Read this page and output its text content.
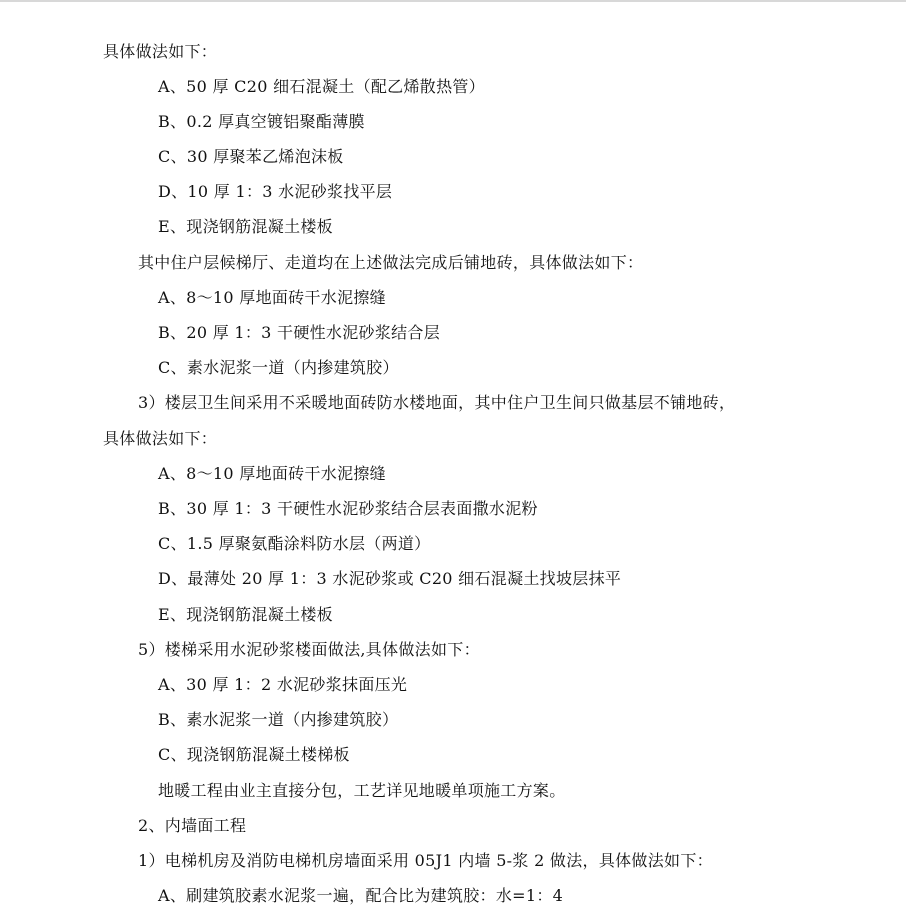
具体做法如下：
A、50 厚 C20 细石混凝土（配乙烯散热管）
B、0.2 厚真空镀铝聚酯薄膜
C、30 厚聚苯乙烯泡沫板
D、10 厚 1：3 水泥砂浆找平层
E、现浇钢筋混凝土楼板
其中住户层候梯厅、走道均在上述做法完成后铺地砖，具体做法如下：
A、8～10 厚地面砖干水泥擦缝
B、20 厚 1：3 干硬性水泥砂浆结合层
C、素水泥浆一道（内掺建筑胶）
3）楼层卫生间采用不采暖地面砖防水楼地面，其中住户卫生间只做基层不铺地砖，
具体做法如下：
A、8～10 厚地面砖干水泥擦缝
B、30 厚 1：3 干硬性水泥砂浆结合层表面撒水泥粉
C、1.5 厚聚氨酯涂料防水层（两道）
D、最薄处 20 厚 1：3 水泥砂浆或 C20 细石混凝土找坡层抹平
E、现浇钢筋混凝土楼板
5）楼梯采用水泥砂浆楼面做法,具体做法如下：
A、30 厚 1：2 水泥砂浆抹面压光
B、素水泥浆一道（内掺建筑胶）
C、现浇钢筋混凝土楼梯板
地暖工程由业主直接分包，工艺详见地暖单项施工方案。
2、内墙面工程
1）电梯机房及消防电梯机房墙面采用 05J1 内墙 5-浆 2 做法，具体做法如下：
A、刷建筑胶素水泥浆一遍，配合比为建筑胶：水=1：4
